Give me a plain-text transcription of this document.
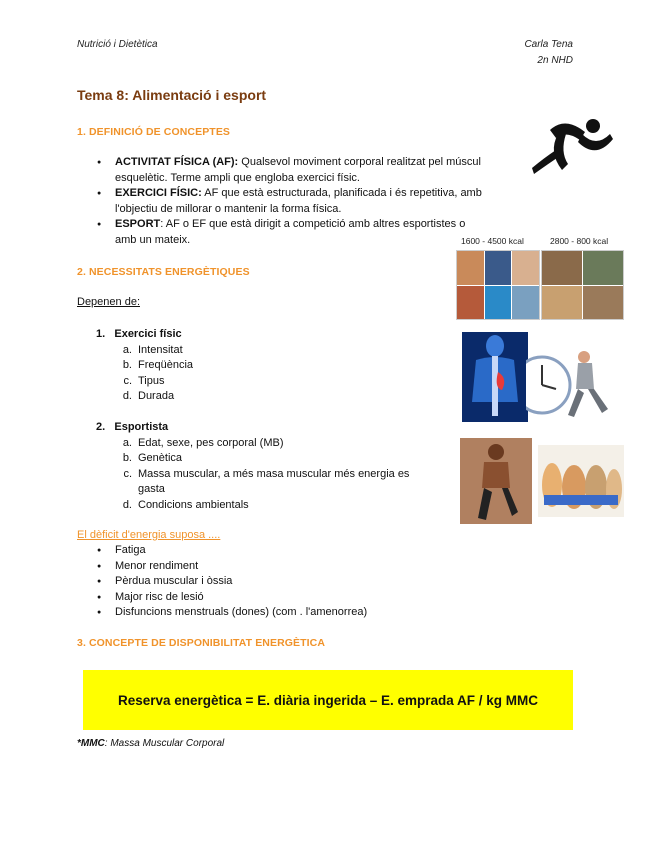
Nutrició i Dietètica	Carla Tena
2n NHD
Tema 8: Alimentació i esport
1. DEFINICIÓ DE CONCEPTES
● ACTIVITAT FÍSICA (AF): Qualsevol moviment corporal realitzat pel múscul esquelètic. Terme ampli que engloba exercici físic.
● EXERCICI FÍSIC: AF que està estructurada, planificada i és repetitiva, amb l'objectiu de millorar o mantenir la forma física.
● ESPORT: AF o EF que està dirigit a competició amb altres esportistes o amb un mateix.
2. NECESSITATS ENERGÈTIQUES
Depenen de:
1. Exercici físic
a. Intensitat
b. Freqüència
c. Tipus
d. Durada
2. Esportista
a. Edat, sexe, pes corporal (MB)
b. Genètica
c. Massa muscular, a més masa muscular més energia es
gasta
d. Condicions ambientals
El dèficit d'energia suposa ....
● Fatiga
● Menor rendiment
● Pèrdua muscular i òssia
● Major risc de lesió
● Disfuncions menstruals (dones) (com . l'amenorrea)
1600 - 4500 kcal	2800 - 800 kcal
3. CONCEPTE DE DISPONIBILITAT ENERGÈTICA
Reserva energètica = E. diària ingerida – E. emprada AF / kg MMC
*MMC: Massa Muscular Corporal
